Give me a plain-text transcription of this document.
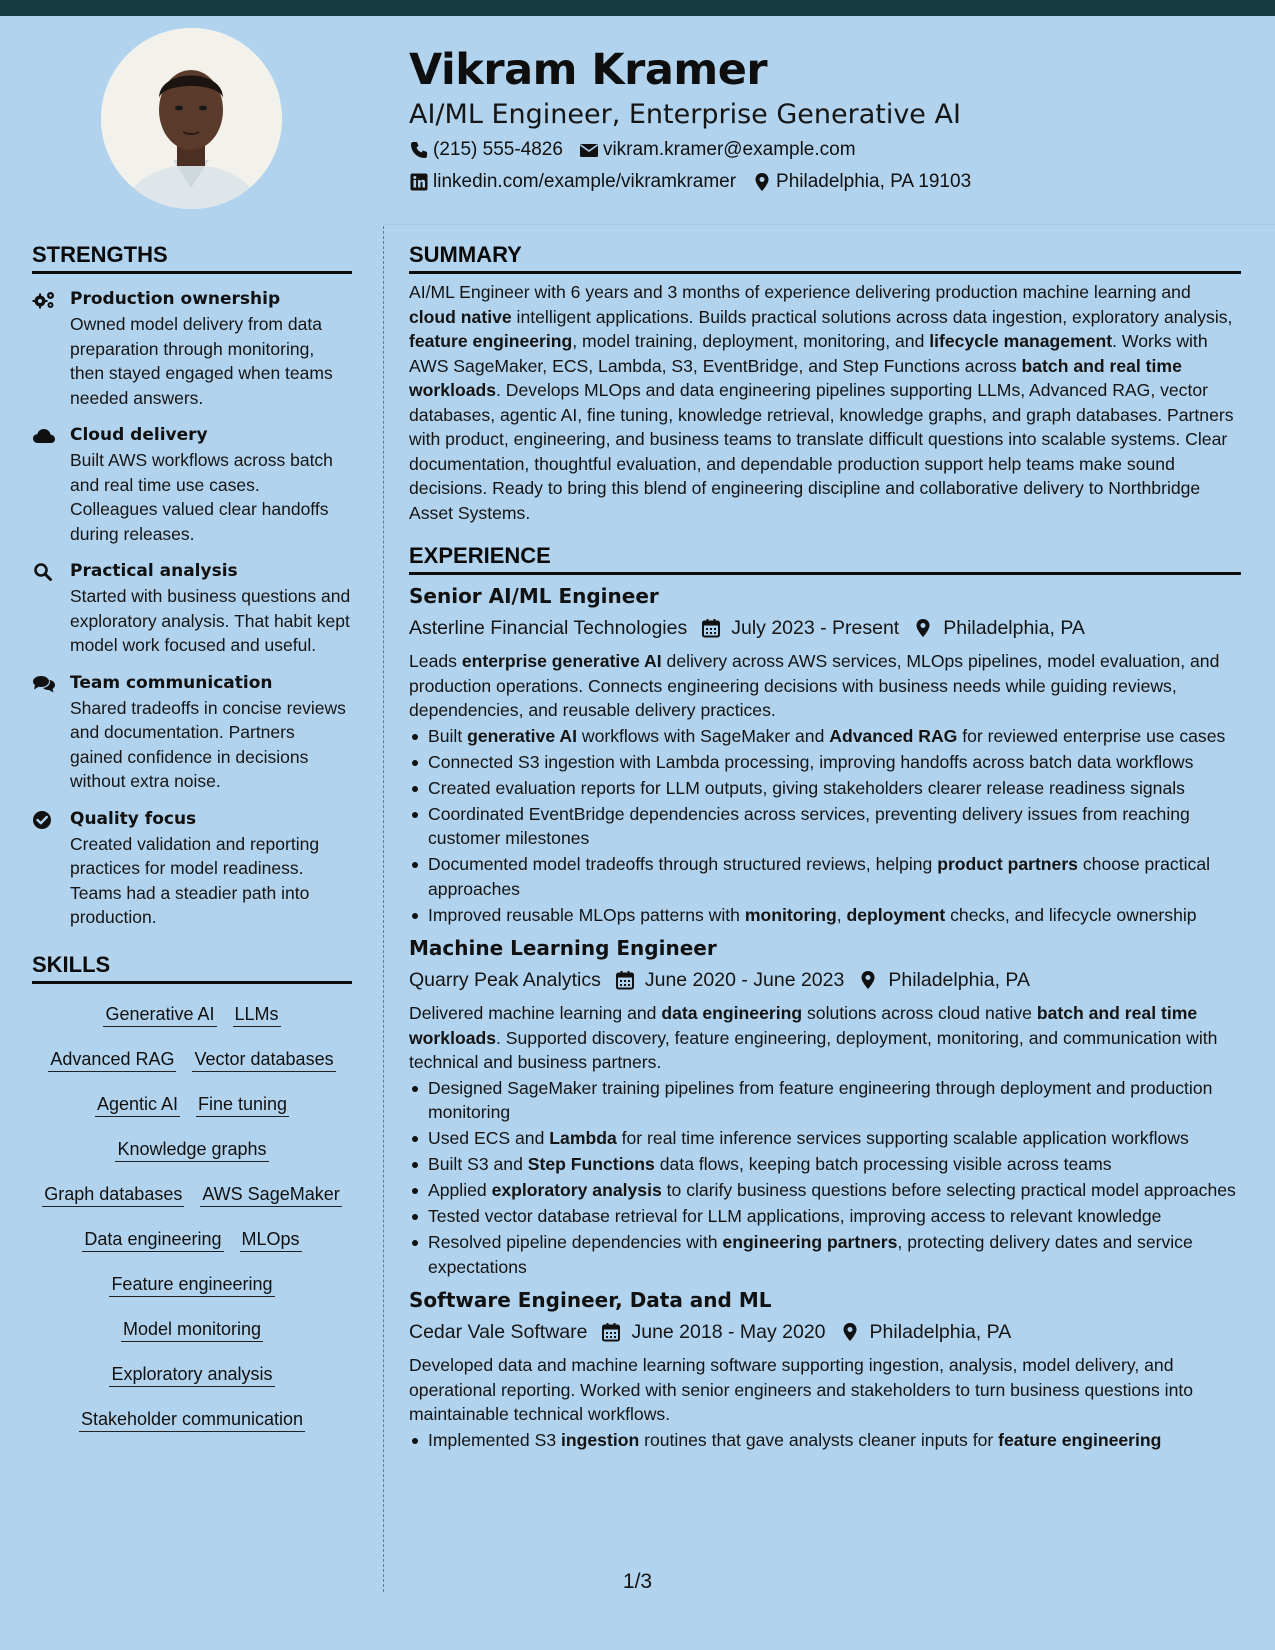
Vikram Kramer
AI/ML Engineer, Enterprise Generative AI
(215) 555-4826 vikram.kramer@example.com
linkedin.com/example/vikramkramer Philadelphia, PA 19103
STRENGTHS
Production ownership
Owned model delivery from data preparation through monitoring, then stayed engaged when teams needed answers.
Cloud delivery
Built AWS workflows across batch and real time use cases. Colleagues valued clear handoffs during releases.
Practical analysis
Started with business questions and exploratory analysis. That habit kept model work focused and useful.
Team communication
Shared tradeoffs in concise reviews and documentation. Partners gained confidence in decisions without extra noise.
Quality focus
Created validation and reporting practices for model readiness. Teams had a steadier path into production.
SKILLS
Generative AI LLMs
Advanced RAG Vector databases
Agentic AI Fine tuning
Knowledge graphs
Graph databases AWS SageMaker
Data engineering MLOps
Feature engineering
Model monitoring
Exploratory analysis
Stakeholder communication
SUMMARY
AI/ML Engineer with 6 years and 3 months of experience delivering production machine learning and cloud native intelligent applications. Builds practical solutions across data ingestion, exploratory analysis, feature engineering, model training, deployment, monitoring, and lifecycle management. Works with AWS SageMaker, ECS, Lambda, S3, EventBridge, and Step Functions across batch and real time workloads. Develops MLOps and data engineering pipelines supporting LLMs, Advanced RAG, vector databases, agentic AI, fine tuning, knowledge retrieval, knowledge graphs, and graph databases. Partners with product, engineering, and business teams to translate difficult questions into scalable systems. Clear documentation, thoughtful evaluation, and dependable production support help teams make sound decisions. Ready to bring this blend of engineering discipline and collaborative delivery to Northbridge Asset Systems.
EXPERIENCE
Senior AI/ML Engineer
Asterline Financial Technologies July 2023 - Present Philadelphia, PA
Leads enterprise generative AI delivery across AWS services, MLOps pipelines, model evaluation, and production operations. Connects engineering decisions with business needs while guiding reviews, dependencies, and reusable delivery practices.
Built generative AI workflows with SageMaker and Advanced RAG for reviewed enterprise use cases
Connected S3 ingestion with Lambda processing, improving handoffs across batch data workflows
Created evaluation reports for LLM outputs, giving stakeholders clearer release readiness signals
Coordinated EventBridge dependencies across services, preventing delivery issues from reaching customer milestones
Documented model tradeoffs through structured reviews, helping product partners choose practical approaches
Improved reusable MLOps patterns with monitoring, deployment checks, and lifecycle ownership
Machine Learning Engineer
Quarry Peak Analytics June 2020 - June 2023 Philadelphia, PA
Delivered machine learning and data engineering solutions across cloud native batch and real time workloads. Supported discovery, feature engineering, deployment, monitoring, and communication with technical and business partners.
Designed SageMaker training pipelines from feature engineering through deployment and production monitoring
Used ECS and Lambda for real time inference services supporting scalable application workflows
Built S3 and Step Functions data flows, keeping batch processing visible across teams
Applied exploratory analysis to clarify business questions before selecting practical model approaches
Tested vector database retrieval for LLM applications, improving access to relevant knowledge
Resolved pipeline dependencies with engineering partners, protecting delivery dates and service expectations
Software Engineer, Data and ML
Cedar Vale Software June 2018 - May 2020 Philadelphia, PA
Developed data and machine learning software supporting ingestion, analysis, model delivery, and operational reporting. Worked with senior engineers and stakeholders to turn business questions into maintainable technical workflows.
Implemented S3 ingestion routines that gave analysts cleaner inputs for feature engineering
1/3
